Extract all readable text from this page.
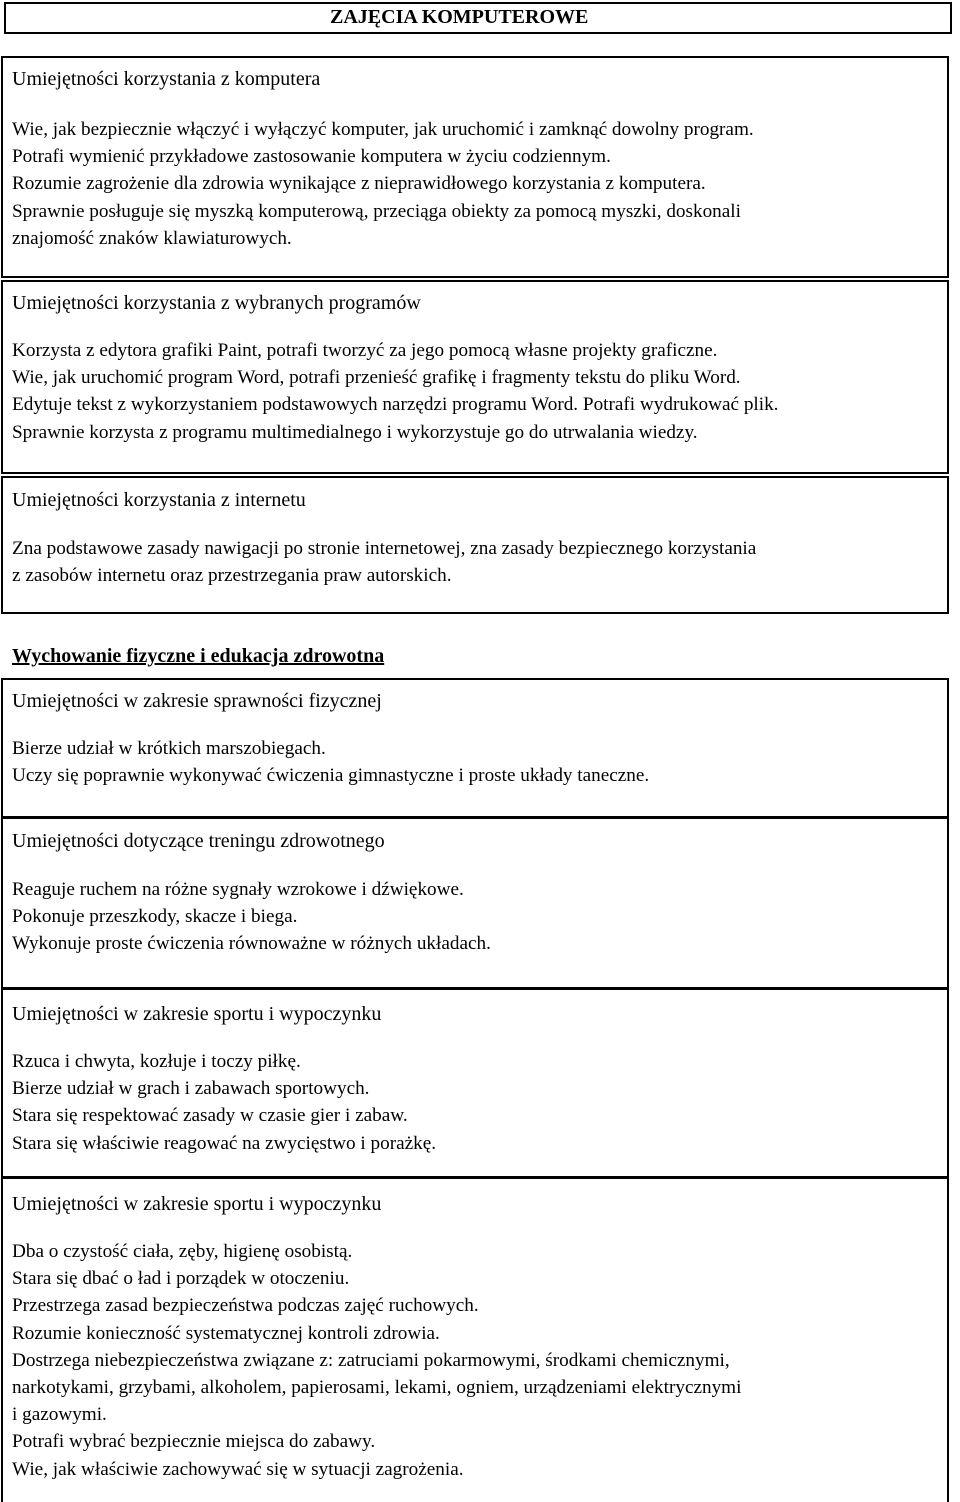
ZAJĘCIA KOMPUTEROWE
Umiejętności korzystania z komputera
Wie, jak bezpiecznie włączyć i wyłączyć komputer, jak uruchomić i zamknąć dowolny program.
Potrafi wymienić przykładowe zastosowanie komputera w życiu codziennym.
Rozumie zagrożenie dla zdrowia wynikające z nieprawidłowego korzystania z komputera.
Sprawnie posługuje się myszką komputerową, przeciąga obiekty za pomocą myszki, doskonali
znajomość znaków klawiaturowych.
Umiejętności korzystania z wybranych programów
Korzysta z edytora grafiki Paint, potrafi tworzyć za jego pomocą własne projekty graficzne.
Wie, jak uruchomić program Word, potrafi przenieść grafikę i fragmenty tekstu do pliku Word.
Edytuje tekst z wykorzystaniem podstawowych narzędzi programu Word. Potrafi wydrukować plik.
Sprawnie korzysta z programu multimedialnego i wykorzystuje go do utrwalania wiedzy.
Umiejętności korzystania z internetu
Zna podstawowe zasady nawigacji po stronie internetowej, zna zasady bezpiecznego korzystania
z zasobów internetu oraz przestrzegania praw autorskich.
Wychowanie fizyczne i edukacja zdrowotna
Umiejętności w zakresie sprawności fizycznej
Bierze udział w krótkich marszobiegach.
Uczy się poprawnie wykonywać ćwiczenia gimnastyczne i proste układy taneczne.
Umiejętności dotyczące treningu zdrowotnego
Reaguje ruchem na różne sygnały wzrokowe i dźwiękowe.
Pokonuje przeszkody, skacze i biega.
Wykonuje proste ćwiczenia równoważne w różnych układach.
Umiejętności w zakresie sportu i wypoczynku
Rzuca i chwyta, kozłuje i toczy piłkę.
Bierze udział w grach i zabawach sportowych.
Stara się respektować zasady w czasie gier i zabaw.
Stara się właściwie reagować na zwycięstwo i porażkę.
Umiejętności w zakresie sportu i wypoczynku
Dba o czystość ciała, zęby, higienę osobistą.
Stara się dbać o ład i porządek w otoczeniu.
Przestrzega zasad bezpieczeństwa podczas zajęć ruchowych.
Rozumie konieczność systematycznej kontroli zdrowia.
Dostrzega niebezpieczeństwa związane z: zatruciami pokarmowymi, środkami chemicznymi,
narkotykami, grzybami, alkoholem, papierosami, lekami, ogniem, urządzeniami elektrycznymi
i gazowymi.
Potrafi wybrać bezpiecznie miejsca do zabawy.
Wie, jak właściwie zachowywać się w sytuacji zagrożenia.
